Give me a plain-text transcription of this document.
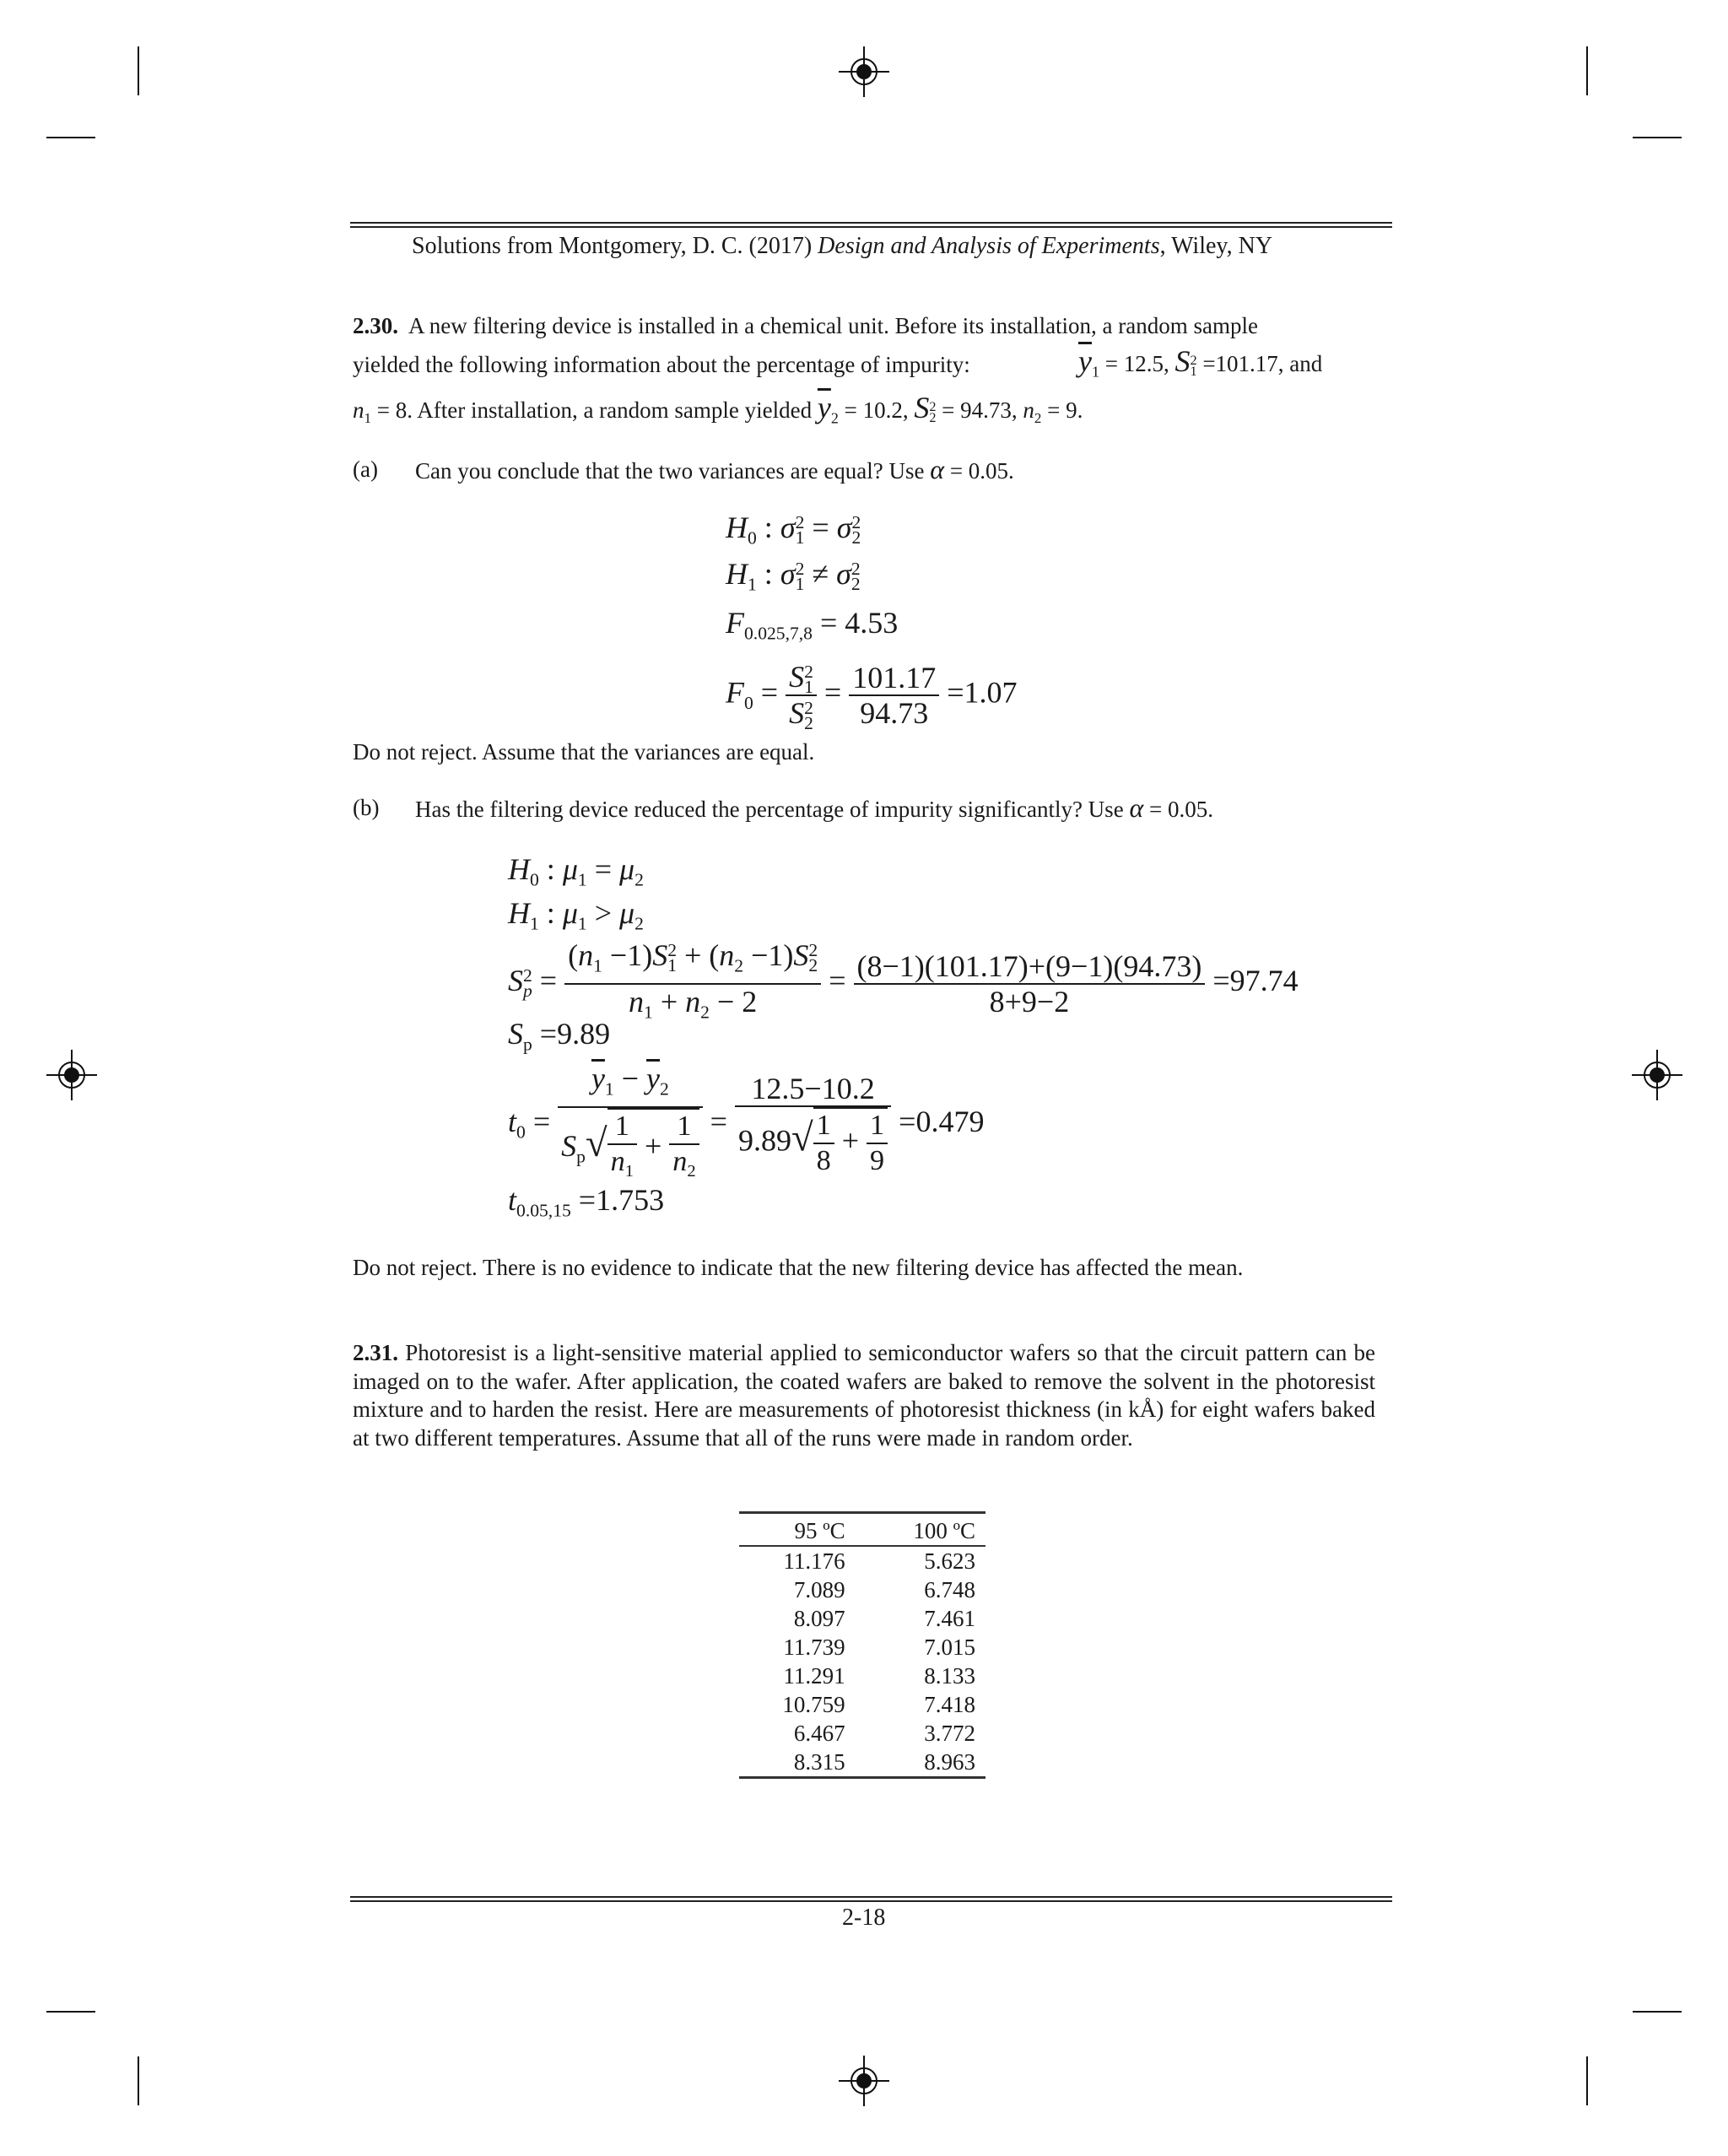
Solutions from Montgomery, D. C. (2017) Design and Analysis of Experiments, Wiley, NY
2.30. A new filtering device is installed in a chemical unit. Before its installation, a random sample
yielded the following information about the percentage of impurity:	$\overline{y}_1 = 12.5$, S 2
1 =101.17, and
$n_1 = 8$. After installation, a random sample yielded $\overline{y}_2 = 10.2$, S 2
2 = 94.73, $n_2 = 9$.
(a) Can you conclude that the two variances are equal? Use α = 0.05.
$H_0$ : σ 2
1 = σ 2
2
$H_1$ : σ 2
1 ≠ σ 2
2
$F_{0.025,7,8} = 4.53$
$F_0 = S$ 2
1
S 2
$2 = \frac{101.17}{94.73} =1.07$
Do not reject. Assume that the variances are equal.
(b) Has the filtering device reduced the percentage of impurity significantly? Use α = 0.05.
$H_0$ : $\mu_1 = \mu_2$
$H_1$ : $\mu_1 > \mu_2$
S 2
$p = (n_1 -1)S$ 2
$1 + (n_2 -1)S$ 2
2
$n_1 + n_2 - 2 = \frac{(8-1)(101.17)+(9-1)(94.73)}{8+9-2} =97.74$
$S_p =9.89$
$t_0 = \frac{\overline{y}_1 - \overline{y}_2}{S_p√ \frac{1}{n_1} + \frac{1}{n_2}} = \frac{12.5-10.2}{9.89√ \frac{1}{8} + \frac{1}{9}} =0.479$
$t_{0.05,15} =1.753$
Do not reject. There is no evidence to indicate that the new filtering device has affected the mean.
2.31. Photoresist is a light-sensitive material applied to semiconductor wafers so that the circuit pattern can be imaged on to the wafer. After application, the coated wafers are baked to remove the solvent in the photoresist mixture and to harden the resist. Here are measurements of photoresist thickness (in kÅ) for eight wafers baked at two different temperatures. Assume that all of the runs were made in random order.
95 ºC	100 ºC
11.176	5.623
7.089	6.748
8.097	7.461
11.739	7.015
11.291	8.133
10.759	7.418
6.467	3.772
8.315	8.963
2-18
